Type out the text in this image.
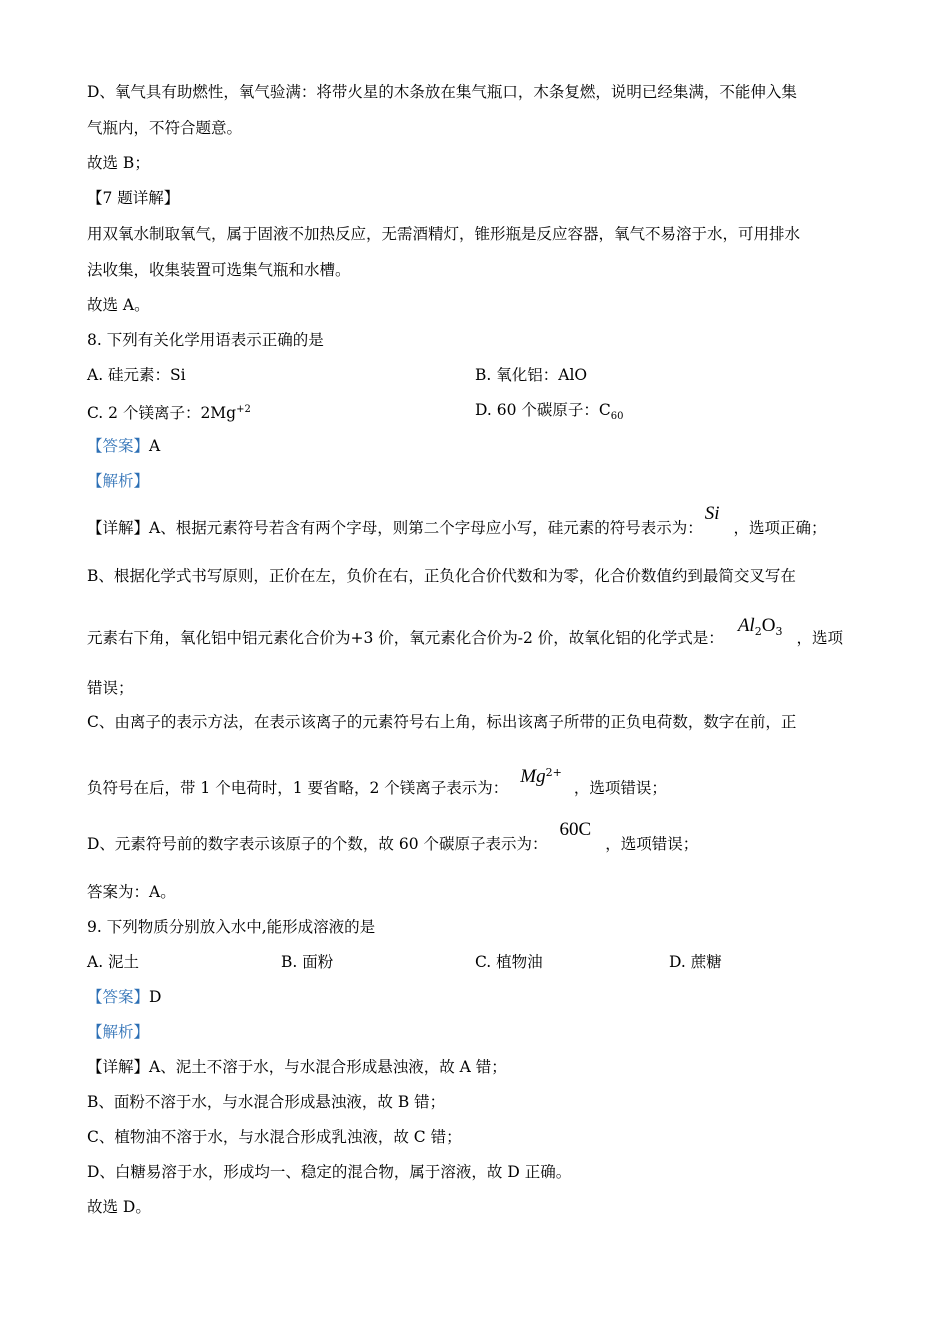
D、氧气具有助燃性，氧气验满：将带火星的木条放在集气瓶口，木条复燃，说明已经集满，不能伸入集
气瓶内，不符合题意。
故选 B；
【7 题详解】
用双氧水制取氧气，属于固液不加热反应，无需酒精灯，锥形瓶是反应容器，氧气不易溶于水，可用排水
法收集，收集装置可选集气瓶和水槽。
故选 A。
8. 下列有关化学用语表示正确的是
A. 硅元素：Si	B. 氧化铝：AlO
C. 2 个镁离子：$2Mg^{+2}$	D. 60 个碳原子：$C_{60}$
【答案】A
【解析】
【详解】A、根据元素符号若含有两个字母，则第二个字母应小写，硅元素的符号表示为：Si，选项正确；
B、根据化学式书写原则，正价在左，负价在右，正负化合价代数和为零，化合价数值约到最简交叉写在
元素右下角，氧化铝中铝元素化合价为+3 价，氧元素化合价为-2 价，故氧化铝的化学式是：$Al_2O_3$ ，选项
错误；
C、由离子的表示方法，在表示该离子的元素符号右上角，标出该离子所带的正负电荷数，数字在前，正
负符号在后，带 1 个电荷时，1 要省略，2 个镁离子表示为：$Mg^{2+}$，选项错误；
D、元素符号前的数字表示该原子的个数，故 60 个碳原子表示为：60C，选项错误；
答案为：A。
9. 下列物质分别放入水中,能形成溶液的是
A. 泥土	B. 面粉	C. 植物油	D. 蔗糖
【答案】D
【解析】
【详解】A、泥土不溶于水，与水混合形成悬浊液，故 A 错；
B、面粉不溶于水，与水混合形成悬浊液，故 B 错；
C、植物油不溶于水，与水混合形成乳浊液，故 C 错；
D、白糖易溶于水，形成均一、稳定的混合物，属于溶液，故 D 正确。
故选 D。
